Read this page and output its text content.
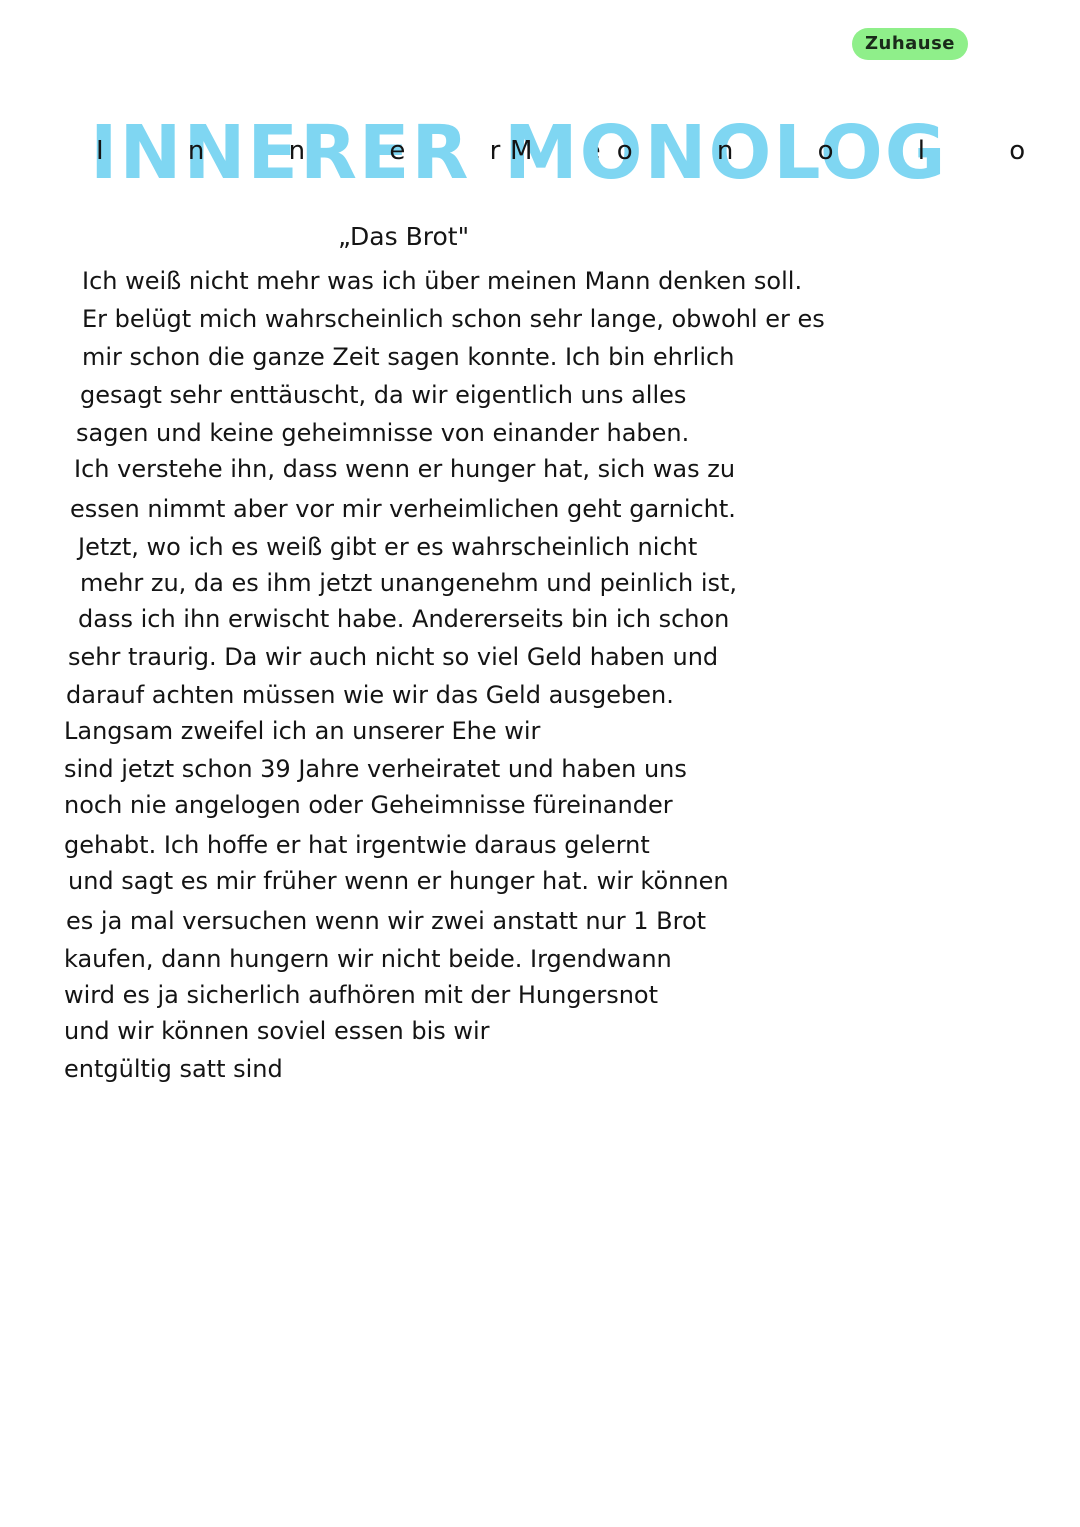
Zuhause
INNERER I n n e r e r MONOLOG M o n o l o g
„Das Brot"
Ich weiß nicht mehr was ich über meinen Mann denken soll.
Er belügt mich wahrscheinlich schon sehr lange, obwohl er es
mir schon die ganze Zeit sagen konnte. Ich bin ehrlich
gesagt sehr enttäuscht, da wir eigentlich uns alles
sagen und keine geheimnisse von einander haben.
Ich verstehe ihn, dass wenn er hunger hat, sich was zu
essen nimmt aber vor mir verheimlichen geht garnicht.
Jetzt, wo ich es weiß gibt er es wahrscheinlich nicht
mehr zu, da es ihm jetzt unangenehm und peinlich ist,
dass ich ihn erwischt habe. Andererseits bin ich schon
sehr traurig. Da wir auch nicht so viel Geld haben und
darauf achten müssen wie wir das Geld ausgeben.
Langsam zweifel ich an unserer Ehe wir
sind jetzt schon 39 Jahre verheiratet und haben uns
noch nie angelogen oder Geheimnisse füreinander
gehabt. Ich hoffe er hat irgentwie daraus gelernt
und sagt es mir früher wenn er hunger hat. wir können
es ja mal versuchen wenn wir zwei anstatt nur 1 Brot
kaufen, dann hungern wir nicht beide. Irgendwann
wird es ja sicherlich aufhören mit der Hungersnot
und wir können soviel essen bis wir
entgültig satt sind
